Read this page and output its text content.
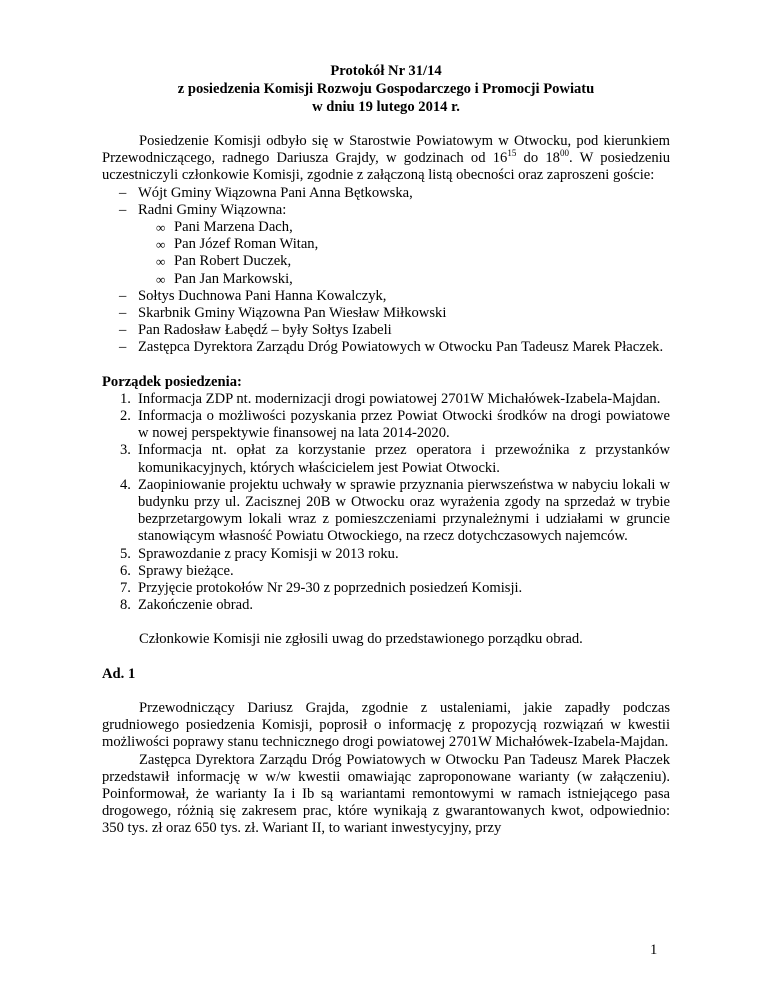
Protokół Nr 31/14
z posiedzenia Komisji Rozwoju Gospodarczego i Promocji Powiatu
w dniu 19 lutego 2014 r.

Posiedzenie Komisji odbyło się w Starostwie Powiatowym w Otwocku, pod kierunkiem Przewodniczącego, radnego Dariusza Grajdy, w godzinach od $16^{15}$ do $18^{00}$. W posiedzeniu uczestniczyli członkowie Komisji, zgodnie z załączoną listą obecności oraz zaproszeni goście:

– Wójt Gminy Wiązowna Pani Anna Bętkowska,
– Radni Gminy Wiązowna:
∞ Pani Marzena Dach,
∞ Pan Józef Roman Witan,
∞ Pan Robert Duczek,
∞ Pan Jan Markowski,
– Sołtys Duchnowa Pani Hanna Kowalczyk,
– Skarbnik Gminy Wiązowna Pan Wiesław Miłkowski
– Pan Radosław Łabędź – były Sołtys Izabeli
– Zastępca Dyrektora Zarządu Dróg Powiatowych w Otwocku Pan Tadeusz Marek Płaczek.

Porządek posiedzenia:

1. Informacja ZDP nt. modernizacji drogi powiatowej 2701W Michałówek-Izabela-Majdan.
2. Informacja o możliwości pozyskania przez Powiat Otwocki środków na drogi powiatowe w nowej perspektywie finansowej na lata 2014-2020.
3. Informacja nt. opłat za korzystanie przez operatora i przewoźnika z przystanków komunikacyjnych, których właścicielem jest Powiat Otwocki.
4. Zaopiniowanie projektu uchwały w sprawie przyznania pierwszeństwa w nabyciu lokali w budynku przy ul. Zacisznej 20B w Otwocku oraz wyrażenia zgody na sprzedaż w trybie bezprzetargowym lokali wraz z pomieszczeniami przynależnymi i udziałami w gruncie stanowiącym własność Powiatu Otwockiego, na rzecz dotychczasowych najemców.
5. Sprawozdanie z pracy Komisji w 2013 roku.
6. Sprawy bieżące.
7. Przyjęcie protokołów Nr 29-30 z poprzednich posiedzeń Komisji.
8. Zakończenie obrad.

Członkowie Komisji nie zgłosili uwag do przedstawionego porządku obrad.

Ad. 1

Przewodniczący Dariusz Grajda, zgodnie z ustaleniami, jakie zapadły podczas grudniowego posiedzenia Komisji, poprosił o informację z propozycją rozwiązań w kwestii możliwości poprawy stanu technicznego drogi powiatowej 2701W Michałówek-Izabela-Majdan.

Zastępca Dyrektora Zarządu Dróg Powiatowych w Otwocku Pan Tadeusz Marek Płaczek przedstawił informację w w/w kwestii omawiając zaproponowane warianty (w załączeniu). Poinformował, że warianty Ia i Ib są wariantami remontowymi w ramach istniejącego pasa drogowego, różnią się zakresem prac, które wynikają z gwarantowanych kwot, odpowiednio: 350 tys. zł oraz 650 tys. zł. Wariant II, to wariant inwestycyjny, przy

1
